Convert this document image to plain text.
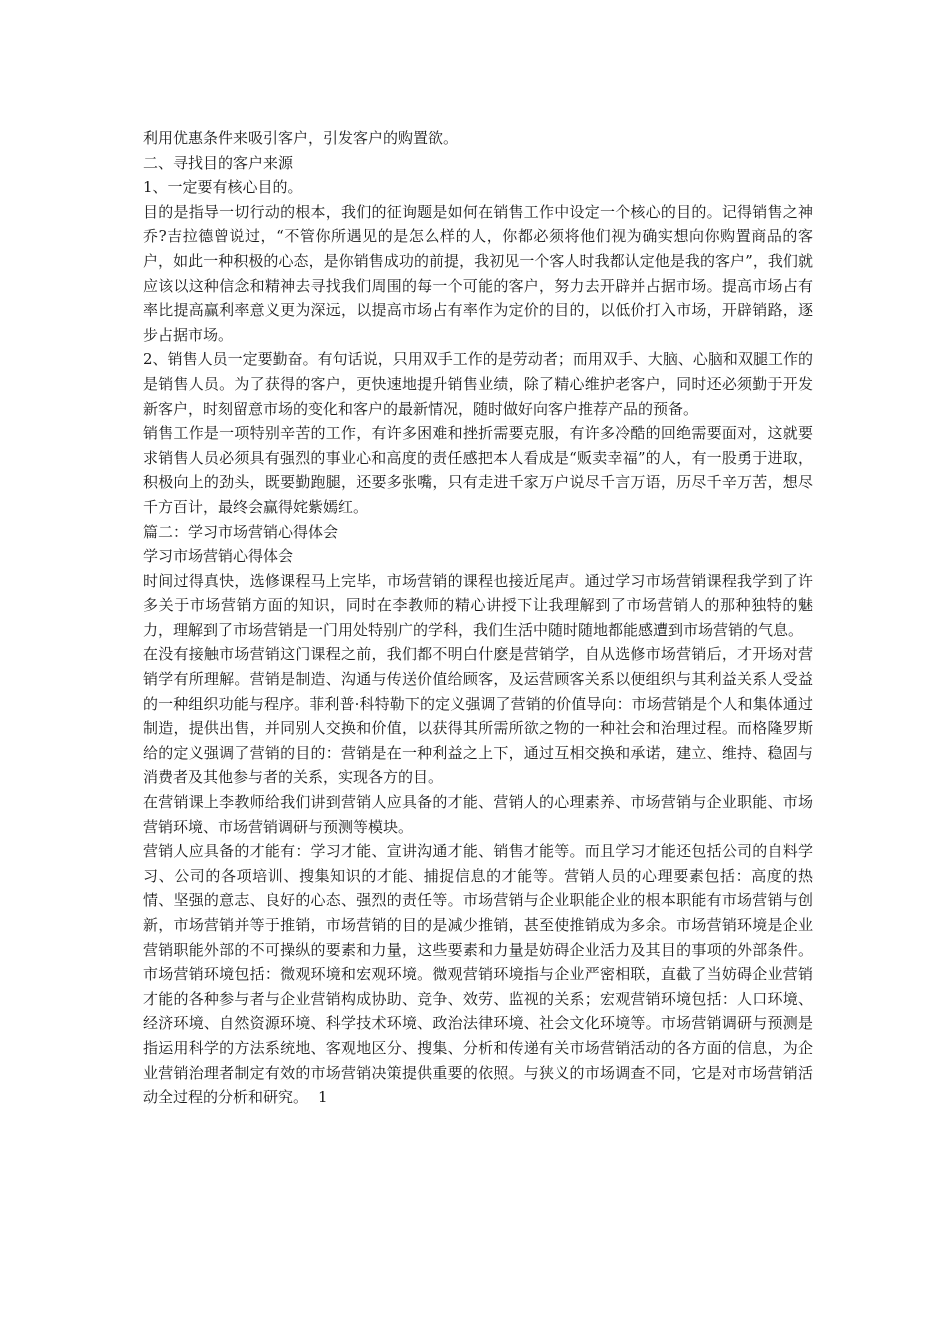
利用优惠条件来吸引客户，引发客户的购置欲。

二、寻找目的客户来源

1、一定要有核心目的。

目的是指导一切行动的根本，我们的征询题是如何在销售工作中设定一个核心的目的。记得销售之神乔?吉拉德曾说过，“不管你所遇见的是怎么样的人，你都必须将他们视为确实想向你购置商品的客户，如此一种积极的心态，是你销售成功的前提，我初见一个客人时我都认定他是我的客户”，我们就应该以这种信念和精神去寻找我们周围的每一个可能的客户，努力去开辟并占据市场。提高市场占有率比提高赢利率意义更为深远，以提高市场占有率作为定价的目的，以低价打入市场，开辟销路，逐步占据市场。

2、销售人员一定要勤奋。有句话说，只用双手工作的是劳动者；而用双手、大脑、心脑和双腿工作的是销售人员。为了获得的客户，更快速地提升销售业绩，除了精心维护老客户，同时还必须勤于开发新客户，时刻留意市场的变化和客户的最新情况，随时做好向客户推荐产品的预备。

销售工作是一项特别辛苦的工作，有许多困难和挫折需要克服，有许多冷酷的回绝需要面对，这就要求销售人员必须具有强烈的事业心和高度的责任感把本人看成是“贩卖幸福”的人，有一股勇于进取，积极向上的劲头，既要勤跑腿，还要多张嘴，只有走进千家万户说尽千言万语，历尽千辛万苦，想尽千方百计，最终会赢得姹紫嫣红。

篇二：学习市场营销心得体会

学习市场营销心得体会

时间过得真快，选修课程马上完毕，市场营销的课程也接近尾声。通过学习市场营销课程我学到了许多关于市场营销方面的知识，同时在李教师的精心讲授下让我理解到了市场营销人的那种独特的魅力，理解到了市场营销是一门用处特别广的学科，我们生活中随时随地都能感遭到市场营销的气息。

在没有接触市场营销这门课程之前，我们都不明白什麽是营销学，自从选修市场营销后，才开场对营销学有所理解。营销是制造、沟通与传送价值给顾客，及运营顾客关系以便组织与其利益关系人受益的一种组织功能与程序。菲利普·科特勒下的定义强调了营销的价值导向：市场营销是个人和集体通过制造，提供出售，并同别人交换和价值，以获得其所需所欲之物的一种社会和治理过程。而格隆罗斯给的定义强调了营销的目的：营销是在一种利益之上下，通过互相交换和承诺，建立、维持、稳固与消费者及其他参与者的关系，实现各方的目。

在营销课上李教师给我们讲到营销人应具备的才能、营销人的心理素养、市场营销与企业职能、市场营销环境、市场营销调研与预测等模块。

营销人应具备的才能有：学习才能、宣讲沟通才能、销售才能等。而且学习才能还包括公司的自料学习、公司的各项培训、搜集知识的才能、捕捉信息的才能等。营销人员的心理要素包括：高度的热情、坚强的意志、良好的心态、强烈的责任等。市场营销与企业职能企业的根本职能有市场营销与创新，市场营销并等于推销，市场营销的目的是减少推销，甚至使推销成为多余。市场营销环境是企业营销职能外部的不可操纵的要素和力量，这些要素和力量是妨碍企业活力及其目的事项的外部条件。市场营销环境包括：微观环境和宏观环境。微观营销环境指与企业严密相联，直截了当妨碍企业营销才能的各种参与者与企业营销构成协助、竞争、效劳、监视的关系；宏观营销环境包括：人口环境、经济环境、自然资源环境、科学技术环境、政治法律环境、社会文化环境等。市场营销调研与预测是指运用科学的方法系统地、客观地区分、搜集、分析和传递有关市场营销活动的各方面的信息，为企业营销治理者制定有效的市场营销决策提供重要的依照。与狭义的市场调查不同，它是对市场营销活动全过程的分析和研究。 1
